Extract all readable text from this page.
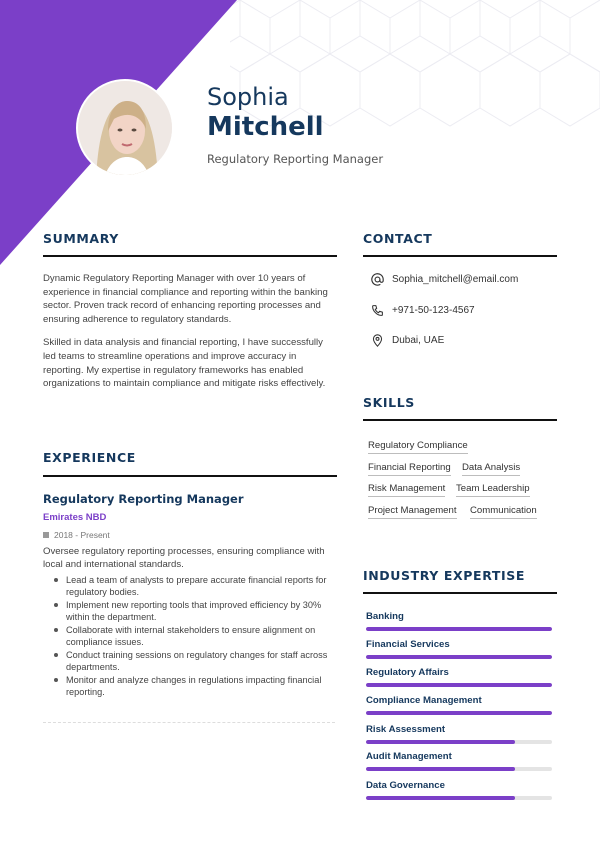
Sophia
Mitchell
Regulatory Reporting Manager
SUMMARY

Dynamic Regulatory Reporting Manager with over 10 years of experience in financial compliance and reporting within the banking sector. Proven track record of enhancing reporting processes and ensuring adherence to regulatory standards.

Skilled in data analysis and financial reporting, I have successfully led teams to streamline operations and improve accuracy in reporting. My expertise in regulatory frameworks has enabled organizations to maintain compliance and mitigate risks effectively.

EXPERIENCE
Regulatory Reporting Manager
Emirates NBD
2018 - Present
Oversee regulatory reporting processes, ensuring compliance with local and international standards.
Lead a team of analysts to prepare accurate financial reports for regulatory bodies.
Implement new reporting tools that improved efficiency by 30% within the department.
Collaborate with internal stakeholders to ensure alignment on compliance issues.
Conduct training sessions on regulatory changes for staff across departments.
Monitor and analyze changes in regulations impacting financial reporting.
CONTACT
Sophia_mitchell@email.com
+971-50-123-4567
Dubai, UAE
SKILLS
Regulatory Compliance
Financial Reporting Data Analysis
Risk Management Team Leadership
Project Management Communication
INDUSTRY EXPERTISE
Banking
Financial Services
Regulatory Affairs
Compliance Management
Risk Assessment
Audit Management
Data Governance
